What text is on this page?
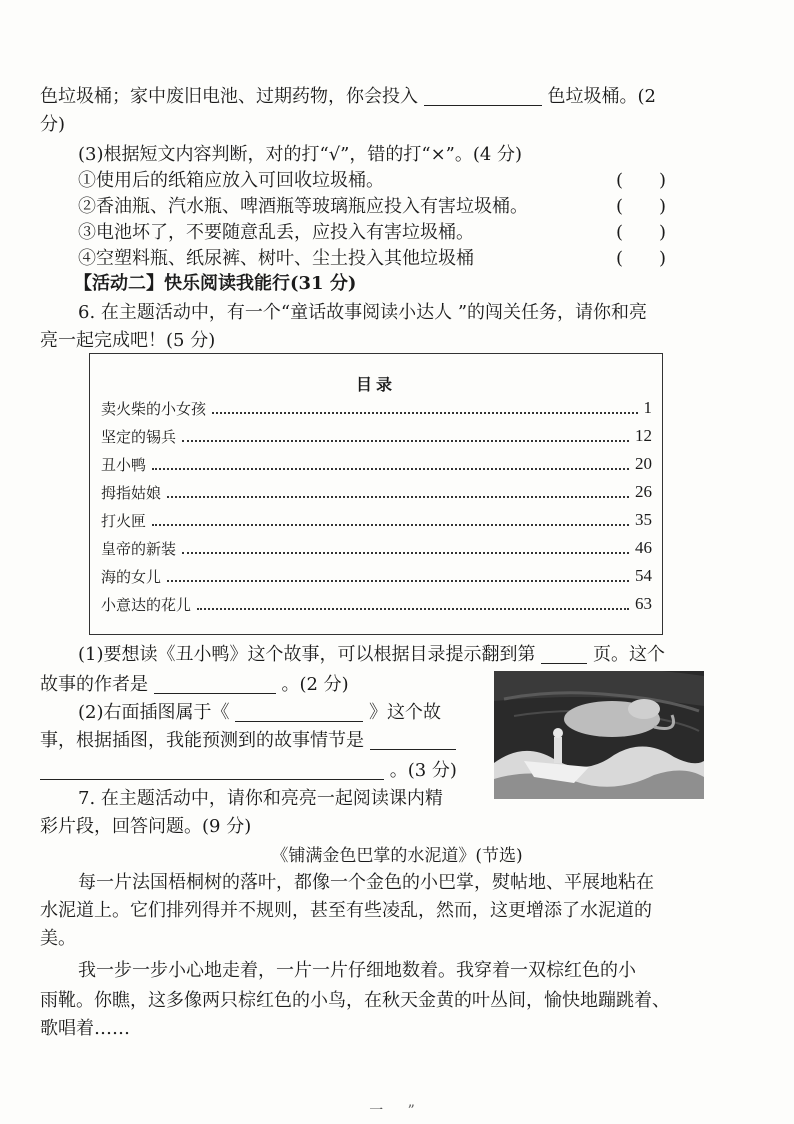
色垃圾桶；家中废旧电池、过期药物，你会投入	色垃圾桶。(2
分)
(3)根据短文内容判断，对的打“√”，错的打“×”。(4 分)
①使用后的纸箱应放入可回收垃圾桶。	(　　)
②香油瓶、汽水瓶、啤酒瓶等玻璃瓶应投入有害垃圾桶。	(　　)
③电池坏了，不要随意乱丢，应投入有害垃圾桶。	(　　)
④空塑料瓶、纸尿裤、树叶、尘土投入其他垃圾桶	(　　)
【活动二】快乐阅读我能行(31 分)
6. 在主题活动中，有一个“童话故事阅读小达人 ”的闯关任务，请你和亮
亮一起完成吧！(5 分)
目录
卖火柴的小女孩	1
坚定的锡兵	12
丑小鸭	20
拇指姑娘	26
打火匣	35
皇帝的新装	46
海的女儿	54
小意达的花儿	63
(1)要想读《丑小鸭》这个故事，可以根据目录提示翻到第	页。这个
故事的作者是	。(2 分)
(2)右面插图属于《	》这个故
事，根据插图，我能预测到的故事情节是
。(3 分)
7. 在主题活动中，请你和亮亮一起阅读课内精
彩片段，回答问题。(9 分)
《铺满金色巴掌的水泥道》(节选)
每一片法国梧桐树的落叶，都像一个金色的小巴掌，熨帖地、平展地粘在
水泥道上。它们排列得并不规则，甚至有些凌乱，然而，这更增添了水泥道的
美。
我一步一步小心地走着，一片一片仔细地数着。我穿着一双棕红色的小
雨靴。你瞧，这多像两只棕红色的小鸟，在秋天金黄的叶丛间，愉快地蹦跳着、
歌唱着……
一 ”
